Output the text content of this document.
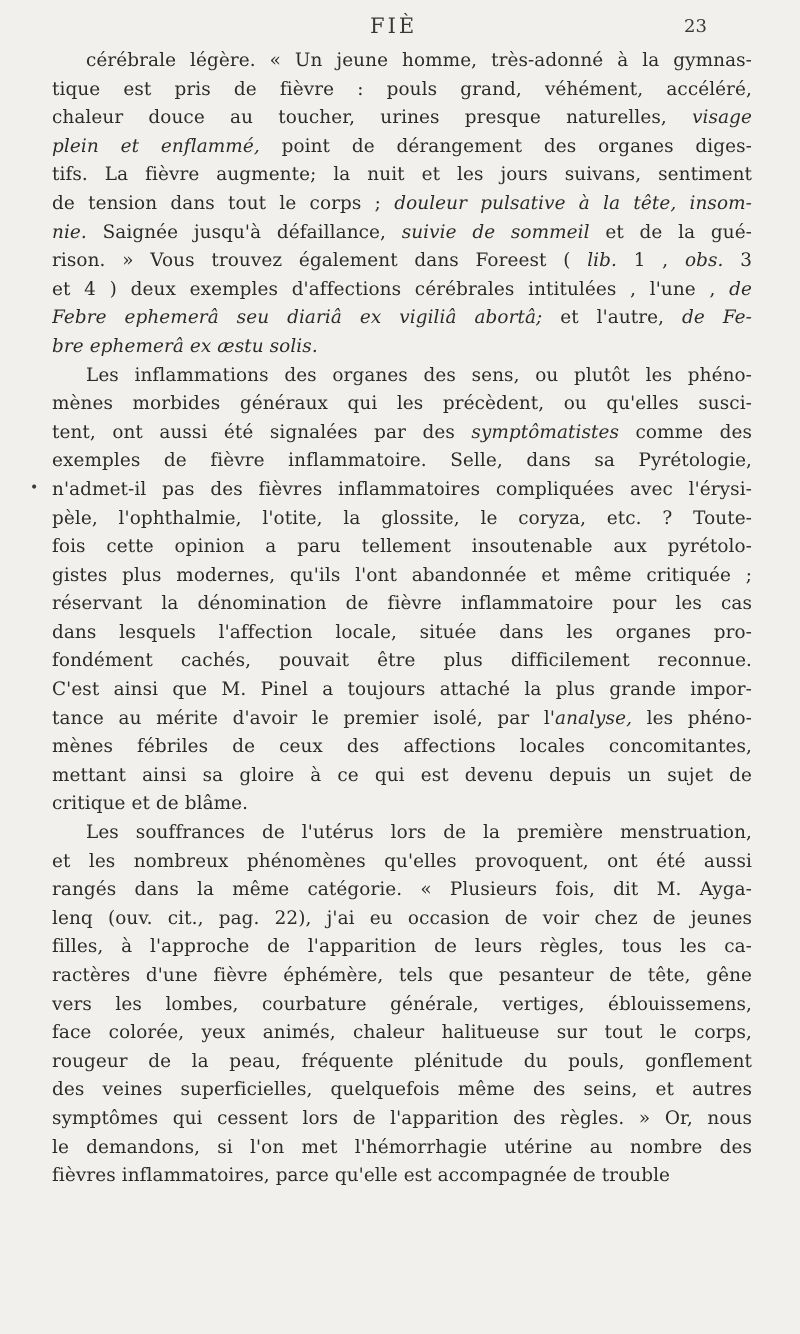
FIÈ	23
•
cérébrale légère. « Un jeune homme, très-adonné à la gymnas-
tique est pris de fièvre : pouls grand, véhément, accéléré,
chaleur douce au toucher, urines presque naturelles, visage
plein et enflammé, point de dérangement des organes diges-
tifs. La fièvre augmente; la nuit et les jours suivans, sentiment
de tension dans tout le corps ; douleur pulsative à la tête, insom-
nie. Saignée jusqu'à défaillance, suivie de sommeil et de la gué-
rison. » Vous trouvez également dans Foreest ( lib. 1 , obs. 3
et 4 ) deux exemples d'affections cérébrales intitulées , l'une , de
Febre ephemerâ seu diariâ ex vigiliâ abortâ; et l'autre, de Fe-
bre ephemerâ ex æstu solis.
Les inflammations des organes des sens, ou plutôt les phéno-
mènes morbides généraux qui les précèdent, ou qu'elles susci-
tent, ont aussi été signalées par des symptômatistes comme des
exemples de fièvre inflammatoire. Selle, dans sa Pyrétologie,
n'admet-il pas des fièvres inflammatoires compliquées avec l'érysi-
pèle, l'ophthalmie, l'otite, la glossite, le coryza, etc. ? Toute-
fois cette opinion a paru tellement insoutenable aux pyrétolo-
gistes plus modernes, qu'ils l'ont abandonnée et même critiquée ;
réservant la dénomination de fièvre inflammatoire pour les cas
dans lesquels l'affection locale, située dans les organes pro-
fondément cachés, pouvait être plus difficilement reconnue.
C'est ainsi que M. Pinel a toujours attaché la plus grande impor-
tance au mérite d'avoir le premier isolé, par l'analyse, les phéno-
mènes fébriles de ceux des affections locales concomitantes,
mettant ainsi sa gloire à ce qui est devenu depuis un sujet de
critique et de blâme.
Les souffrances de l'utérus lors de la première menstruation,
et les nombreux phénomènes qu'elles provoquent, ont été aussi
rangés dans la même catégorie. « Plusieurs fois, dit M. Ayga-
lenq (ouv. cit., pag. 22), j'ai eu occasion de voir chez de jeunes
filles, à l'approche de l'apparition de leurs règles, tous les ca-
ractères d'une fièvre éphémère, tels que pesanteur de tête, gêne
vers les lombes, courbature générale, vertiges, éblouissemens,
face colorée, yeux animés, chaleur halitueuse sur tout le corps,
rougeur de la peau, fréquente plénitude du pouls, gonflement
des veines superficielles, quelquefois même des seins, et autres
symptômes qui cessent lors de l'apparition des règles. » Or, nous
le demandons, si l'on met l'hémorrhagie utérine au nombre des
fièvres inflammatoires, parce qu'elle est accompagnée de trouble
